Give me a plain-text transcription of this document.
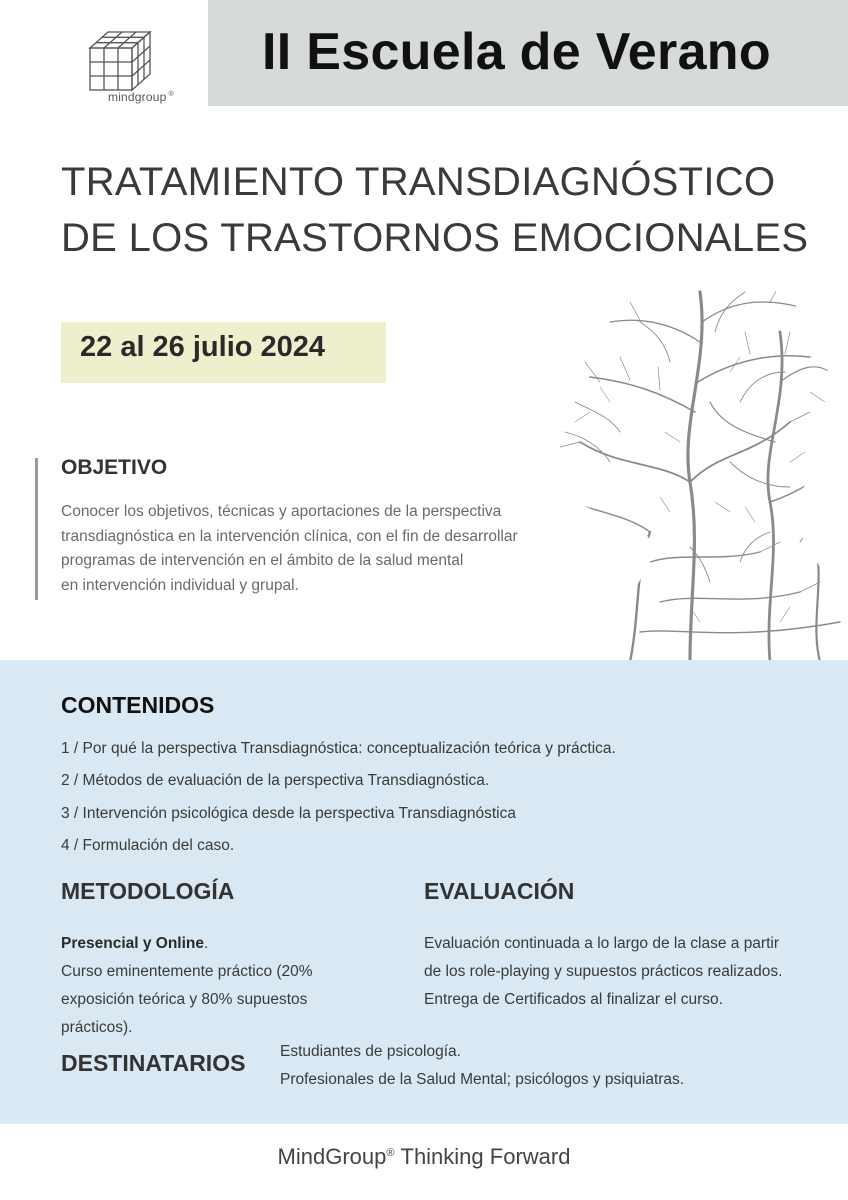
mindgroup ®
II Escuela de Verano
TRATAMIENTO TRANSDIAGNÓSTICO
DE LOS TRASTORNOS EMOCIONALES
22 al 26 julio 2024
OBJETIVO
Conocer los objetivos, técnicas y aportaciones de la perspectiva
transdiagnóstica en la intervención clínica, con el fin de desarrollar
programas de intervención en el ámbito de la salud mental
en intervención individual y grupal.
CONTENIDOS
1 / Por qué la perspectiva Transdiagnóstica: conceptualización teórica y práctica.
2 / Métodos de evaluación de la perspectiva Transdiagnóstica.
3 / Intervención psicológica desde la perspectiva Transdiagnóstica
4 / Formulación del caso.
METODOLOGÍA
Presencial y Online.
Curso eminentemente práctico (20%
exposición teórica y 80% supuestos
prácticos).
EVALUACIÓN
Evaluación continuada a lo largo de la clase a partir
de los role-playing y supuestos prácticos realizados.
Entrega de Certificados al finalizar el curso.
DESTINATARIOS Estudiantes de psicología.
Profesionales de la Salud Mental; psicólogos y psiquiatras.
MindGroup® Thinking Forward
